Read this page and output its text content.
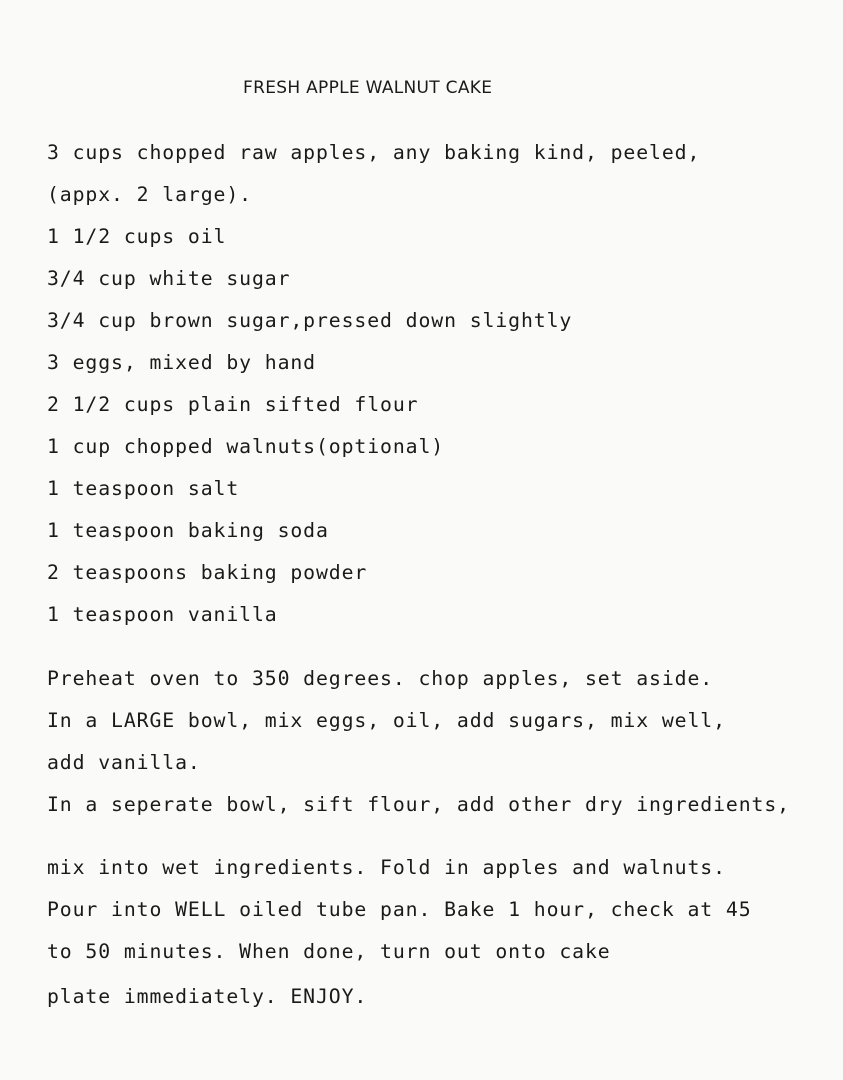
FRESH APPLE WALNUT CAKE
3 cups chopped raw apples, any baking kind, peeled,
(appx. 2 large).
1 1/2 cups oil
3/4 cup white sugar
3/4 cup brown sugar,pressed down slightly
3 eggs, mixed by hand
2 1/2 cups plain sifted flour
1 cup chopped walnuts(optional)
1 teaspoon salt
1 teaspoon baking soda
2 teaspoons baking powder
1 teaspoon vanilla
Preheat oven to 350 degrees. chop apples, set aside.
In a LARGE bowl, mix eggs, oil, add sugars, mix well,
add vanilla.
In a seperate bowl, sift flour, add other dry ingredients,
mix into wet ingredients. Fold in apples and walnuts.
Pour into WELL oiled tube pan. Bake 1 hour, check at 45
to 50 minutes. When done, turn out onto cake
plate immediately. ENJOY.
